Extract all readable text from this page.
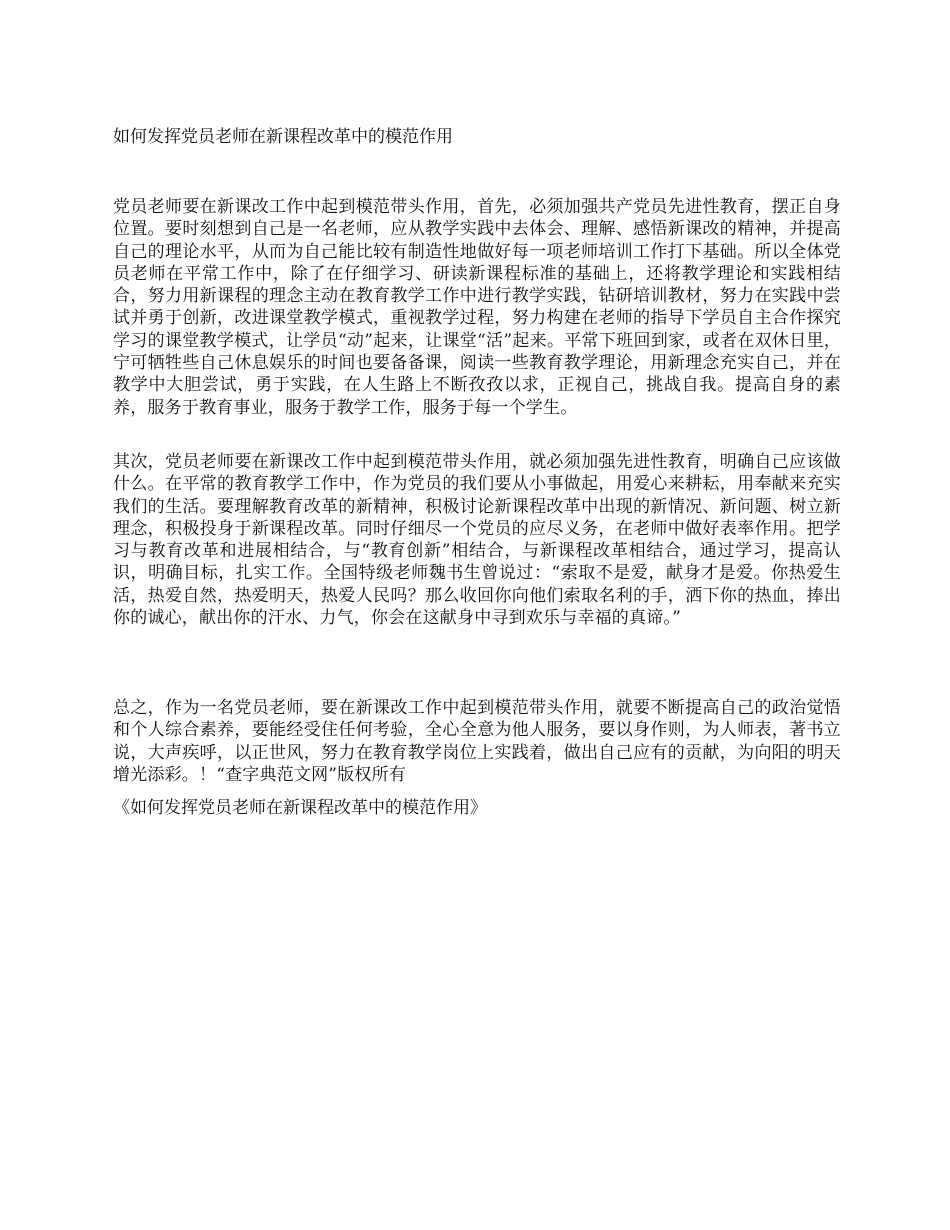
如何发挥党员老师在新课程改革中的模范作用

党员老师要在新课改工作中起到模范带头作用，首先，必须加强共产党员先进性教育，摆正自身位置。要时刻想到自己是一名老师，应从教学实践中去体会、理解、感悟新课改的精神，并提高自己的理论水平，从而为自己能比较有制造性地做好每一项老师培训工作打下基础。所以全体党员老师在平常工作中，除了在仔细学习、研读新课程标准的基础上，还将教学理论和实践相结合，努力用新课程的理念主动在教育教学工作中进行教学实践，钻研培训教材，努力在实践中尝试并勇于创新，改进课堂教学模式，重视教学过程，努力构建在老师的指导下学员自主合作探究学习的课堂教学模式，让学员“动”起来，让课堂“活”起来。平常下班回到家，或者在双休日里，宁可牺牲些自己休息娱乐的时间也要备备课，阅读一些教育教学理论，用新理念充实自己，并在教学中大胆尝试，勇于实践，在人生路上不断孜孜以求，正视自己，挑战自我。提高自身的素养，服务于教育事业，服务于教学工作，服务于每一个学生。

其次，党员老师要在新课改工作中起到模范带头作用，就必须加强先进性教育，明确自己应该做什么。在平常的教育教学工作中，作为党员的我们要从小事做起，用爱心来耕耘，用奉献来充实我们的生活。要理解教育改革的新精神，积极讨论新课程改革中出现的新情况、新问题、树立新理念，积极投身于新课程改革。同时仔细尽一个党员的应尽义务，在老师中做好表率作用。把学习与教育改革和进展相结合，与“教育创新”相结合，与新课程改革相结合，通过学习，提高认识，明确目标，扎实工作。全国特级老师魏书生曾说过：“索取不是爱，献身才是爱。你热爱生活，热爱自然，热爱明天，热爱人民吗？那么收回你向他们索取名利的手，洒下你的热血，捧出你的诚心，献出你的汗水、力气，你会在这献身中寻到欢乐与幸福的真谛。”

总之，作为一名党员老师，要在新课改工作中起到模范带头作用，就要不断提高自己的政治觉悟和个人综合素养，要能经受住任何考验，全心全意为他人服务，要以身作则，为人师表，著书立说，大声疾呼，以正世风，努力在教育教学岗位上实践着，做出自己应有的贡献，为向阳的明天增光添彩。！“查字典范文网”版权所有

《如何发挥党员老师在新课程改革中的模范作用》
